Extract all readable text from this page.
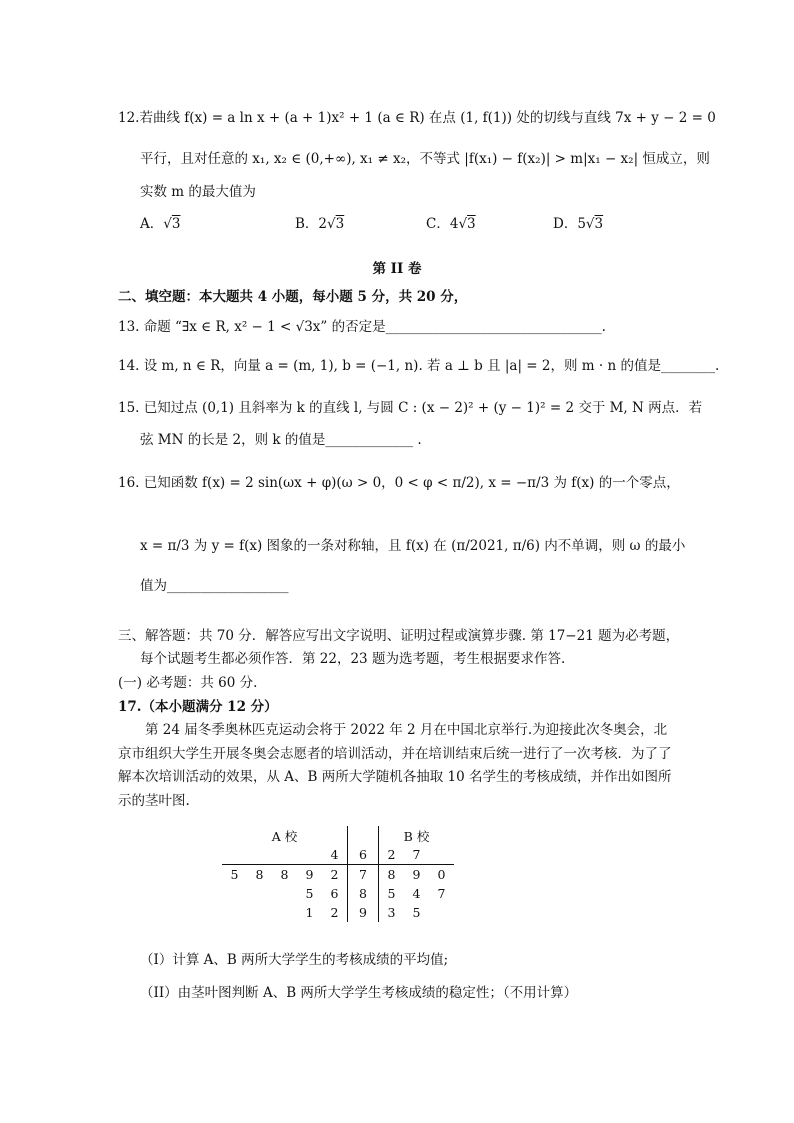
12.若曲线 f(x) = a ln x + (a + 1)x² + 1 (a ∈ R) 在点 (1, f(1)) 处的切线与直线 7x + y − 2 = 0
平行，且对任意的 x₁, x₂ ∈ (0,+∞), x₁ ≠ x₂，不等式 |f(x₁) − f(x₂)| > m|x₁ − x₂| 恒成立，则
实数 m 的最大值为
A．√3	B．2√3	C．4√3	D．5√3
第 II 卷
二、填空题：本大题共 4 小题，每小题 5 分，共 20 分，
13. 命题 “∃x ∈ R, x² − 1 < √3x” 的否定是________________________________.
14. 设 m, n ∈ R，向量 a = (m, 1), b = (−1, n). 若 a ⊥ b 且 |a| = 2，则 m · n 的值是________.
15. 已知过点 (0,1) 且斜率为 k 的直线 l, 与圆 C : (x − 2)² + (y − 1)² = 2 交于 M, N 两点．若
弦 MN 的长是 2，则 k 的值是_____________ .
16. 已知函数 f(x) = 2 sin(ωx + φ)(ω > 0，0 < φ < π/2), x = −π/3 为 f(x) 的一个零点，
x = π/3 为 y = f(x) 图象的一条对称轴，且 f(x) 在 (π/2021, π/6) 内不单调，则 ω 的最小
值为__________________
三、解答题：共 70 分．解答应写出文字说明、证明过程或演算步骤. 第 17−21 题为必考题，
每个试题考生都必须作答．第 22，23 题为选考题，考生根据要求作答.
(一) 必考题：共 60 分.
17.（本小题满分 12 分）
第 24 届冬季奥林匹克运动会将于 2022 年 2 月在中国北京举行.为迎接此次冬奥会，北京市组织大学生开展冬奥会志愿者的培训活动，并在培训结束后统一进行了一次考核．为了了解本次培训活动的效果，从 A、B 两所大学随机各抽取 10 名学生的考核成绩，并作出如图所示的茎叶图.
A 校						B 校		
				4	6	2	7	
5	8	8	9	2	7	8	9	0
			5	6	8	5	4	7
			1	2	9	3	5	
（I）计算 A、B 两所大学学生的考核成绩的平均值;
（II）由茎叶图判断 A、B 两所大学学生考核成绩的稳定性；（不用计算）
